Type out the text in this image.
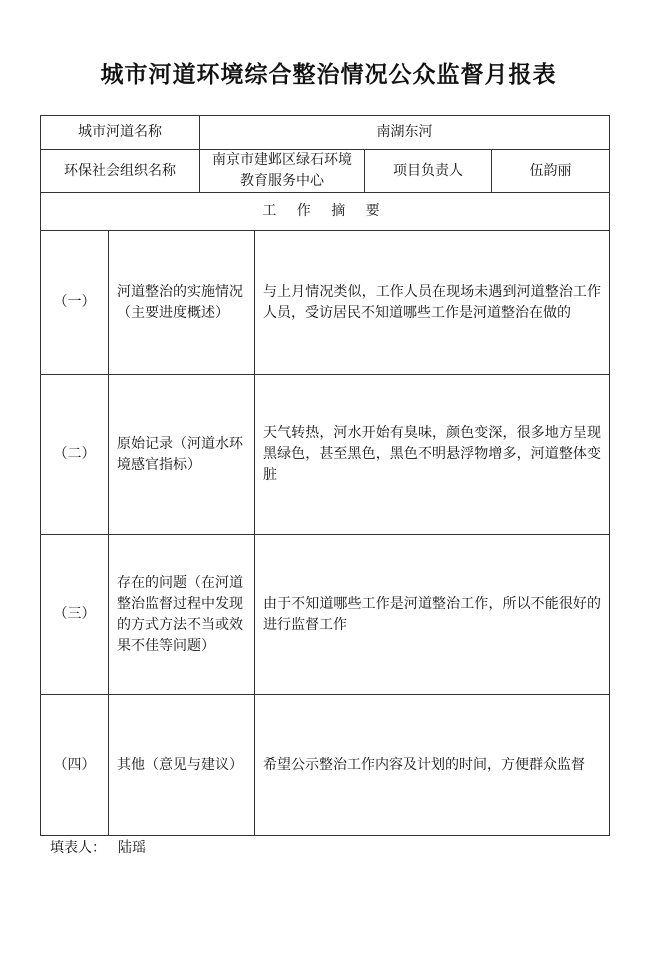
城市河道环境综合整治情况公众监督月报表
城市河道名称		南湖东河			
环保社会组织名称		南京市建邺区绿石环境教育服务中心		项目负责人	伍韵丽
工 作 摘 要					
（一）	河道整治的实施情况（主要进度概述）		与上月情况类似，工作人员在现场未遇到河道整治工作人员，受访居民不知道哪些工作是河道整治在做的		
（二）	原始记录（河道水环境感官指标）		天气转热，河水开始有臭味，颜色变深，很多地方呈现黑绿色，甚至黑色，黑色不明悬浮物增多，河道整体变脏		
（三）	存在的问题（在河道整治监督过程中发现的方式方法不当或效果不佳等问题）		由于不知道哪些工作是河道整治工作，所以不能很好的进行监督工作		
（四）	其他（意见与建议）		希望公示整治工作内容及计划的时间，方便群众监督		
填表人： 陆瑶
